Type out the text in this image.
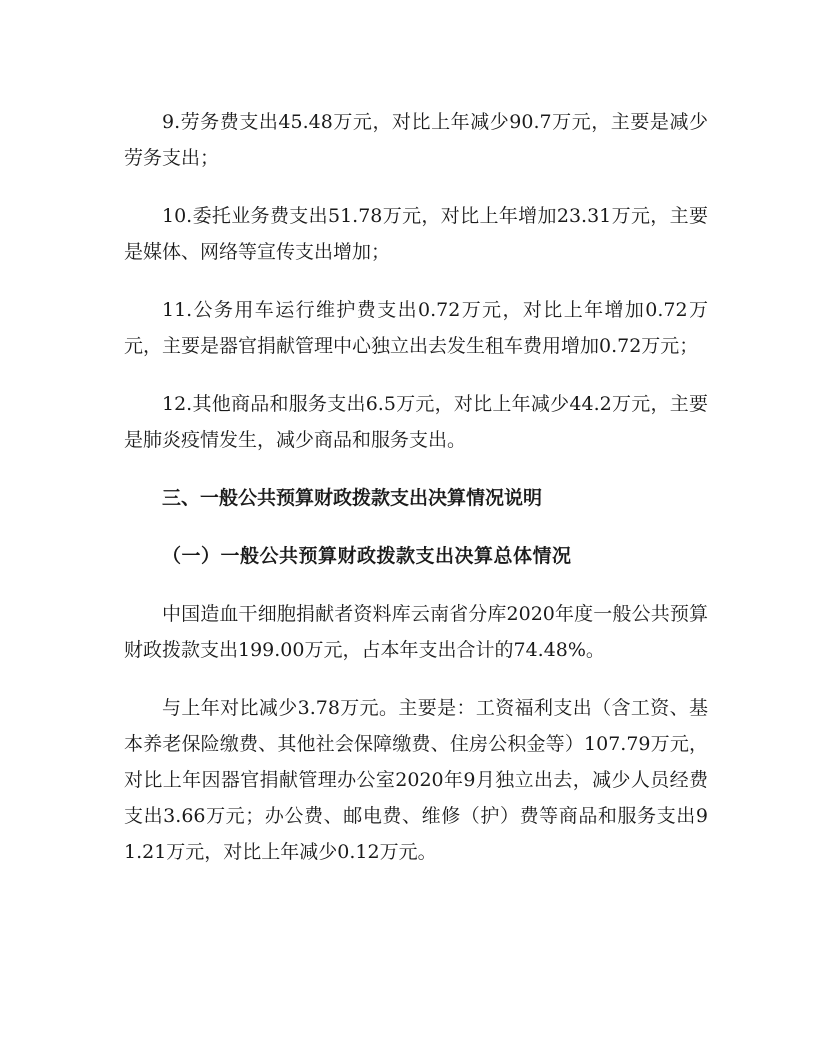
9.劳务费支出45.48万元，对比上年减少90.7万元，主要是减少劳务支出；

10.委托业务费支出51.78万元，对比上年增加23.31万元，主要是媒体、网络等宣传支出增加；

11.公务用车运行维护费支出0.72万元，对比上年增加0.72万元，主要是器官捐献管理中心独立出去发生租车费用增加0.72万元；

12.其他商品和服务支出6.5万元，对比上年减少44.2万元，主要是肺炎疫情发生，减少商品和服务支出。

三、一般公共预算财政拨款支出决算情况说明

（一）一般公共预算财政拨款支出决算总体情况

中国造血干细胞捐献者资料库云南省分库2020年度一般公共预算财政拨款支出199.00万元，占本年支出合计的74.48%。

与上年对比减少3.78万元。主要是：工资福利支出（含工资、基本养老保险缴费、其他社会保障缴费、住房公积金等）107.79万元，对比上年因器官捐献管理办公室2020年9月独立出去，减少人员经费支出3.66万元；办公费、邮电费、维修（护）费等商品和服务支出91.21万元，对比上年减少0.12万元。
